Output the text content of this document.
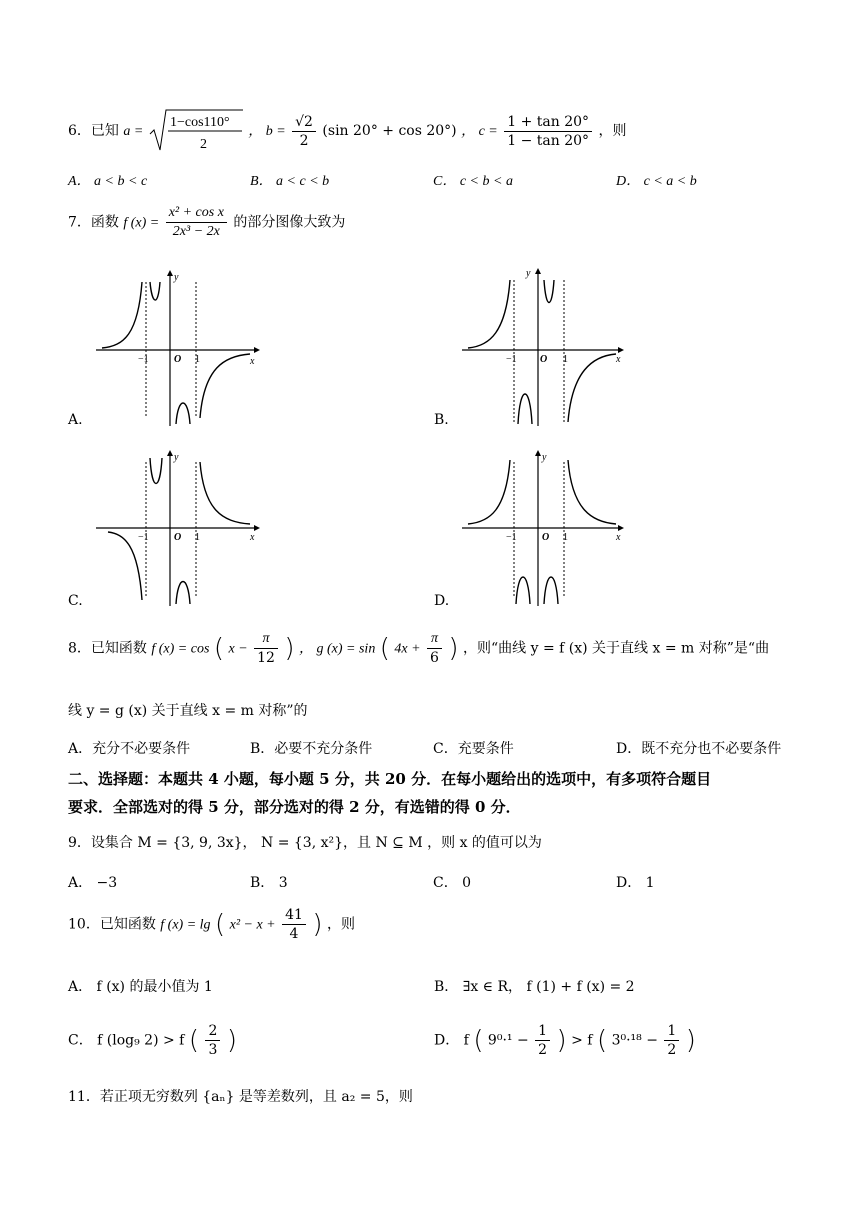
6．已知 a =
1−cos110°
2
， $b = \frac{√2}{2} (\sin$ 20° + cos 20°) ， $c = \frac{1 + \tan 20^\circ}{1 - \tan 20^\circ}$ ，则
A． a < b < c	B． a < c < b	C． c < b < a	D． c < a < b
7．函数 f $(x) = \frac{\text{x² + cos x}}{\text{2x³ − 2x}}$ 的部分图像大致为
y
x
O
−1	1
A.
y
x
O
−1	1
B.
y
x
O
−1	1
C.
y
x
O
−1	1
D.
8．已知函数 f (x) = cos ( $x - \frac{\pi}{12}$ ) ， g (x) = sin ( $4x + \frac{\pi}{6}$ ) ，则“曲线 y = f (x) 关于直线 x = m 对称”是“曲
线 y = g (x) 关于直线 x = m 对称”的
A．充分不必要条件	B．必要不充分条件	C．充要条件	D．既不充分也不必要条件
二、选择题：本题共 4 小题，每小题 5 分，共 20 分．在每小题给出的选项中，有多项符合题目
要求．全部选对的得 5 分，部分选对的得 2 分，有选错的得 0 分．
9．设集合 M = {3, 9, 3x}， N = {3, x²}，且 N ⊆ M ，则 x 的值可以为
A． −3	B． 3	C． 0	D． 1
10．已知函数 f (x) = lg ( $x^2 - x + \frac{41}{4}$ ) ，则
A． f (x) 的最小值为 1	B． ∃x ∈ R， f (1) + f (x) = 2
C． f (log₉ 2) > f ( $\frac{2}{3}$ )	D． f ( $9^0\cdot^1 - \frac{1}{2}$ ) > f ( $3^0\cdot^{18} - \frac{1}{2}$ )
11．若正项无穷数列 {aₙ} 是等差数列，且 a₂ = 5，则
